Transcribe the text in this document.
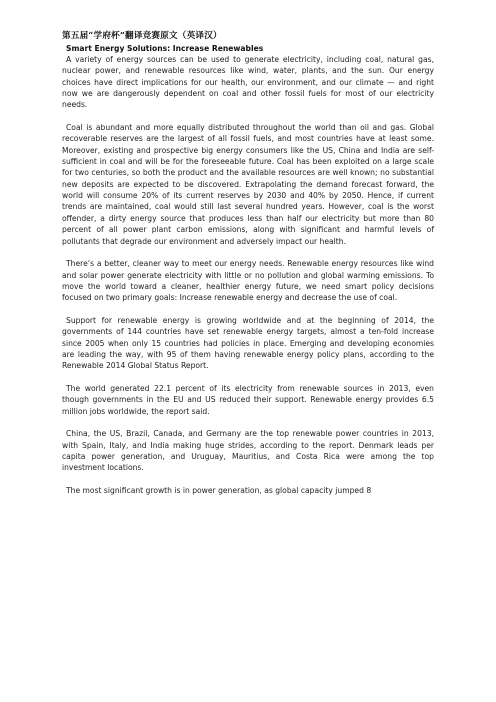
第五届“学府杯”翻译竞赛原文（英译汉）
Smart Energy Solutions: Increase Renewables

A variety of energy sources can be used to generate electricity, including coal, natural gas, nuclear power, and renewable resources like wind, water, plants, and the sun. Our energy choices have direct implications for our health, our environment, and our climate — and right now we are dangerously dependent on coal and other fossil fuels for most of our electricity needs.

Coal is abundant and more equally distributed throughout the world than oil and gas. Global recoverable reserves are the largest of all fossil fuels, and most countries have at least some. Moreover, existing and prospective big energy consumers like the US, China and India are self-sufficient in coal and will be for the foreseeable future. Coal has been exploited on a large scale for two centuries, so both the product and the available resources are well known; no substantial new deposits are expected to be discovered. Extrapolating the demand forecast forward, the world will consume 20% of its current reserves by 2030 and 40% by 2050. Hence, if current trends are maintained, coal would still last several hundred years. However, coal is the worst offender, a dirty energy source that produces less than half our electricity but more than 80 percent of all power plant carbon emissions, along with significant and harmful levels of pollutants that degrade our environment and adversely impact our health.

There’s a better, cleaner way to meet our energy needs. Renewable energy resources like wind and solar power generate electricity with little or no pollution and global warming emissions. To move the world toward a cleaner, healthier energy future, we need smart policy decisions focused on two primary goals: Increase renewable energy and decrease the use of coal.

Support for renewable energy is growing worldwide and at the beginning of 2014, the governments of 144 countries have set renewable energy targets, almost a ten-fold increase since 2005 when only 15 countries had policies in place. Emerging and developing economies are leading the way, with 95 of them having renewable energy policy plans, according to the Renewable 2014 Global Status Report.

The world generated 22.1 percent of its electricity from renewable sources in 2013, even though governments in the EU and US reduced their support. Renewable energy provides 6.5 million jobs worldwide, the report said.

China, the US, Brazil, Canada, and Germany are the top renewable power countries in 2013, with Spain, Italy, and India making huge strides, according to the report. Denmark leads per capita power generation, and Uruguay, Mauritius, and Costa Rica were among the top investment locations.

The most significant growth is in power generation, as global capacity jumped 8
